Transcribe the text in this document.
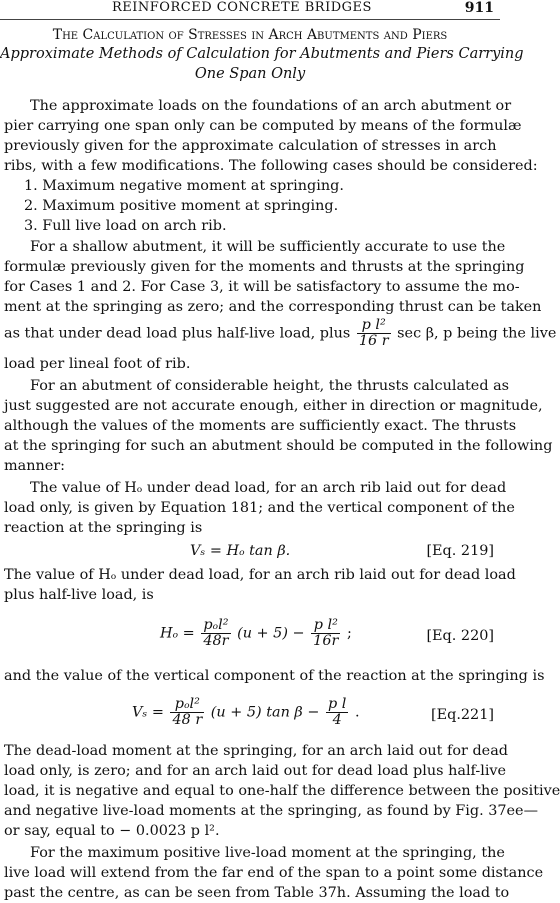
REINFORCED CONCRETE BRIDGES	911
The Calculation of Stresses in Arch Abutments and Piers
Approximate Methods of Calculation for Abutments and Piers Carrying
One Span Only
The approximate loads on the foundations of an arch abutment or
pier carrying one span only can be computed by means of the formulæ
previously given for the approximate calculation of stresses in arch
ribs, with a few modifications. The following cases should be considered:
1. Maximum negative moment at springing.
2. Maximum positive moment at springing.
3. Full live load on arch rib.
For a shallow abutment, it will be sufficiently accurate to use the
formulæ previously given for the moments and thrusts at the springing
for Cases 1 and 2. For Case 3, it will be satisfactory to assume the mo-
ment at the springing as zero; and the corresponding thrust can be taken
as that under dead load plus half-live load, plus $\frac{\text{p l²}}{16 r}$ sec β, p being the live
load per lineal foot of rib.
For an abutment of considerable height, the thrusts calculated as
just suggested are not accurate enough, either in direction or magnitude,
although the values of the moments are sufficiently exact. The thrusts
at the springing for such an abutment should be computed in the following
manner:
The value of Hₒ under dead load, for an arch rib laid out for dead
load only, is given by Equation 181; and the vertical component of the
reaction at the springing is
Vₛ = Hₒ tan β.	[Eq. 219]
The value of Hₒ under dead load, for an arch rib laid out for dead load
plus half-live load, is
$H_o = \frac{\text{pₒl²}}{48r} (u + 5) - \frac{\text{p l²}}{16r}$ ;	[Eq. 220]
and the value of the vertical component of the reaction at the springing is
$V_s = \frac{\text{pₒl²}}{48 r} (u + 5)$ $\tan \beta - \frac{\text{p l}}{4}$ .	[Eq.221]
The dead-load moment at the springing, for an arch laid out for dead
load only, is zero; and for an arch laid out for dead load plus half-live
load, it is negative and equal to one-half the difference between the positive
and negative live-load moments at the springing, as found by Fig. 37ee—
or say, equal to − 0.0023 p l².
For the maximum positive live-load moment at the springing, the
live load will extend from the far end of the span to a point some distance
past the centre, as can be seen from Table 37h. Assuming the load to
